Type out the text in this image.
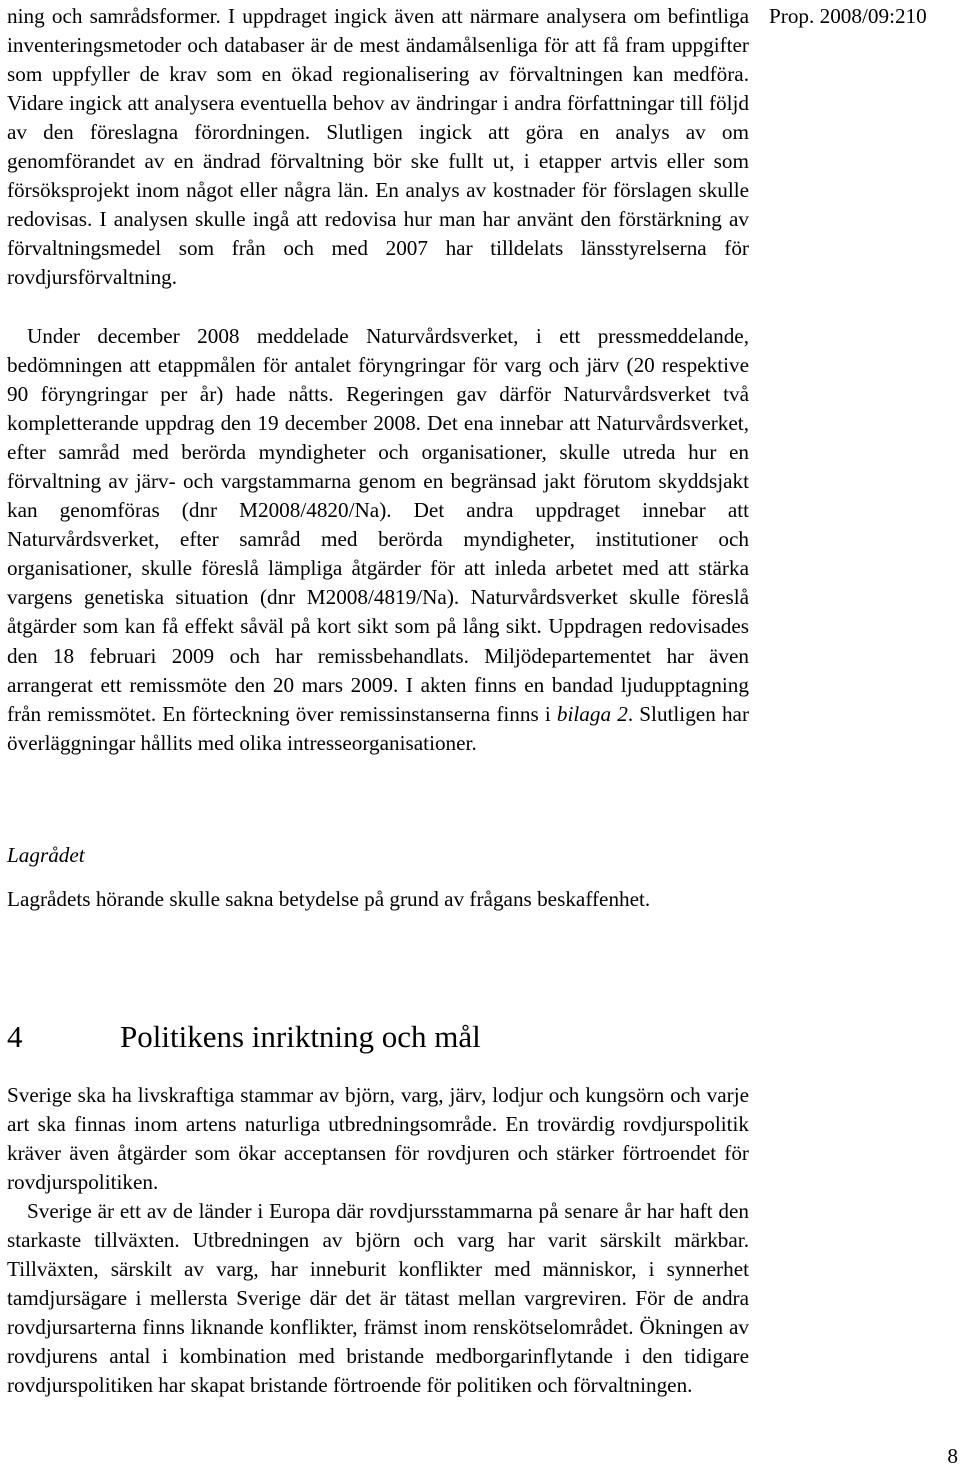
Prop. 2008/09:210

ning och samrådsformer. I uppdraget ingick även att närmare analysera om befintliga inventeringsmetoder och databaser är de mest ändamålsenliga för att få fram uppgifter som uppfyller de krav som en ökad regionalisering av förvaltningen kan medföra. Vidare ingick att analysera eventuella behov av ändringar i andra författningar till följd av den föreslagna förordningen. Slutligen ingick att göra en analys av om genomförandet av en ändrad förvaltning bör ske fullt ut, i etapper artvis eller som försöksprojekt inom något eller några län. En analys av kostnader för förslagen skulle redovisas. I analysen skulle ingå att redovisa hur man har använt den förstärkning av förvaltningsmedel som från och med 2007 har tilldelats länsstyrelserna för rovdjursförvaltning.

Under december 2008 meddelade Naturvårdsverket, i ett pressmeddelande, bedömningen att etappmålen för antalet föryngringar för varg och järv (20 respektive 90 föryngringar per år) hade nåtts. Regeringen gav därför Naturvårdsverket två kompletterande uppdrag den 19 december 2008. Det ena innebar att Naturvårdsverket, efter samråd med berörda myndigheter och organisationer, skulle utreda hur en förvaltning av järv- och vargstammarna genom en begränsad jakt förutom skyddsjakt kan genomföras (dnr M2008/4820/Na). Det andra uppdraget innebar att Naturvårdsverket, efter samråd med berörda myndigheter, institutioner och organisationer, skulle föreslå lämpliga åtgärder för att inleda arbetet med att stärka vargens genetiska situation (dnr M2008/4819/Na). Naturvårdsverket skulle föreslå åtgärder som kan få effekt såväl på kort sikt som på lång sikt. Uppdragen redovisades den 18 februari 2009 och har remissbehandlats. Miljödepartementet har även arrangerat ett remissmöte den 20 mars 2009. I akten finns en bandad ljudupptagning från remissmötet. En förteckning över remissinstanserna finns i bilaga 2. Slutligen har överläggningar hållits med olika intresseorganisationer.

Lagrådet

Lagrådets hörande skulle sakna betydelse på grund av frågans beskaffenhet.

4	Politikens inriktning och mål

Sverige ska ha livskraftiga stammar av björn, varg, järv, lodjur och kungsörn och varje art ska finnas inom artens naturliga utbredningsområde. En trovärdig rovdjurspolitik kräver även åtgärder som ökar acceptansen för rovdjuren och stärker förtroendet för rovdjurspolitiken.

Sverige är ett av de länder i Europa där rovdjursstammarna på senare år har haft den starkaste tillväxten. Utbredningen av björn och varg har varit särskilt märkbar. Tillväxten, särskilt av varg, har inneburit konflikter med människor, i synnerhet tamdjursägare i mellersta Sverige där det är tätast mellan vargreviren. För de andra rovdjursarterna finns liknande konflikter, främst inom renskötselområdet. Ökningen av rovdjurens antal i kombination med bristande medborgarinflytande i den tidigare rovdjurspolitiken har skapat bristande förtroende för politiken och förvaltningen.

8
